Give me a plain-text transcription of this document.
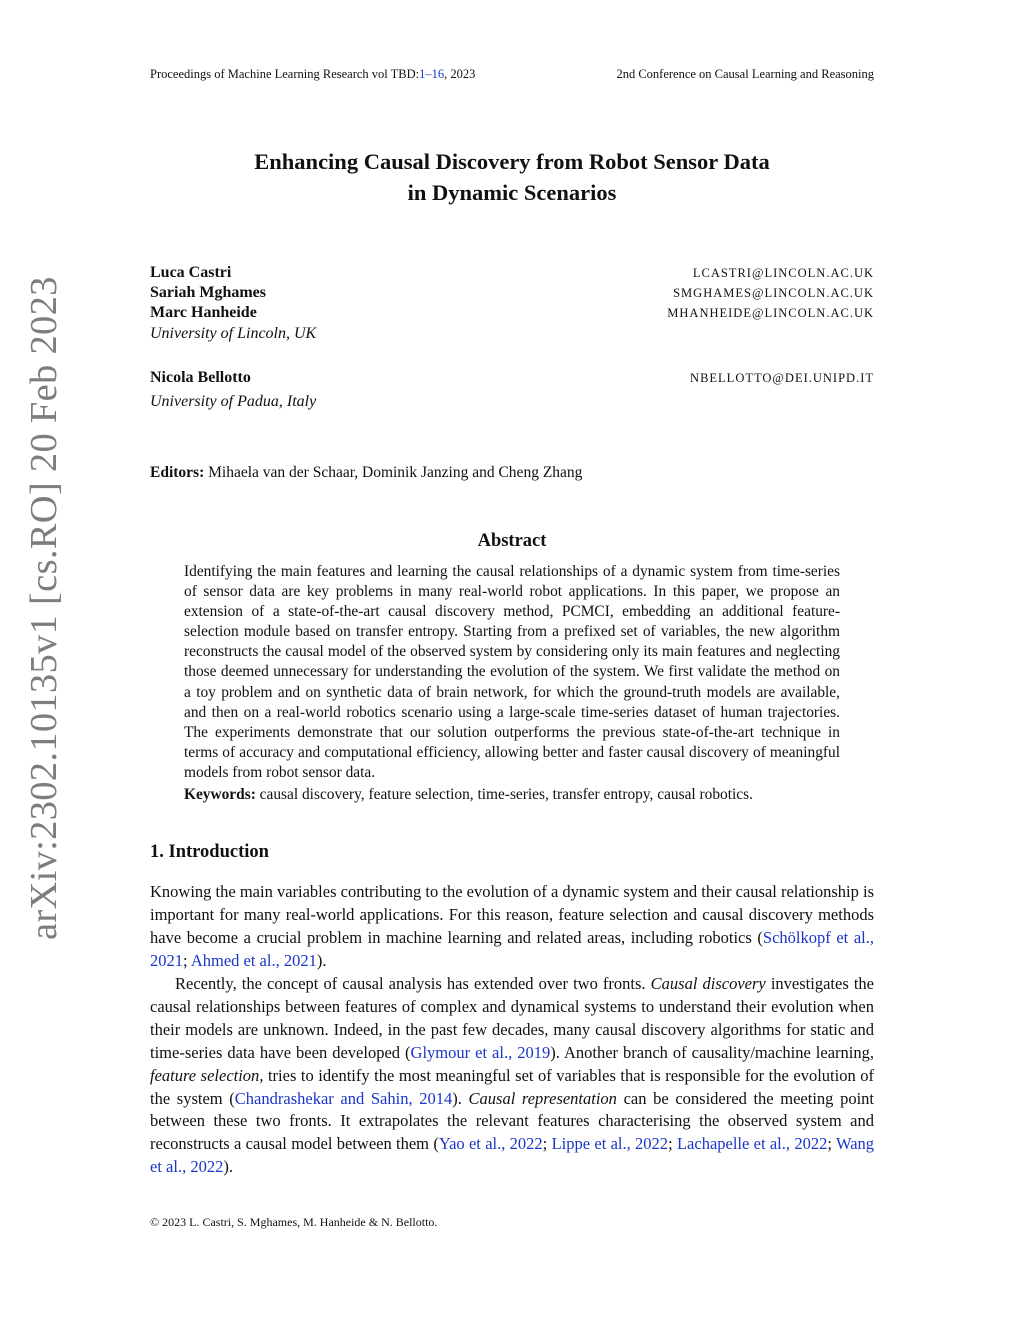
Proceedings of Machine Learning Research vol TBD:1–16, 2023	2nd Conference on Causal Learning and Reasoning
arXiv:2302.10135v1 [cs.RO] 20 Feb 2023
Enhancing Causal Discovery from Robot Sensor Data
in Dynamic Scenarios
Luca Castri	LCASTRI@LINCOLN.AC.UK
Sariah Mghames	SMGHAMES@LINCOLN.AC.UK
Marc Hanheide	MHANHEIDE@LINCOLN.AC.UK
University of Lincoln, UK
Nicola Bellotto	NBELLOTTO@DEI.UNIPD.IT
University of Padua, Italy
Editors: Mihaela van der Schaar, Dominik Janzing and Cheng Zhang
Abstract

Identifying the main features and learning the causal relationships of a dynamic system from time-series of sensor data are key problems in many real-world robot applications. In this paper, we propose an extension of a state-of-the-art causal discovery method, PCMCI, embedding an additional feature-selection module based on transfer entropy. Starting from a prefixed set of variables, the new algorithm reconstructs the causal model of the observed system by considering only its main features and neglecting those deemed unnecessary for understanding the evolution of the system. We first validate the method on a toy problem and on synthetic data of brain network, for which the ground-truth models are available, and then on a real-world robotics scenario using a large-scale time-series dataset of human trajectories. The experiments demonstrate that our solution outperforms the previous state-of-the-art technique in terms of accuracy and computational efficiency, allowing better and faster causal discovery of meaningful models from robot sensor data.

Keywords: causal discovery, feature selection, time-series, transfer entropy, causal robotics.

1. Introduction

Knowing the main variables contributing to the evolution of a dynamic system and their causal relationship is important for many real-world applications. For this reason, feature selection and causal discovery methods have become a crucial problem in machine learning and related areas, including robotics (Schölkopf et al., 2021; Ahmed et al., 2021).

Recently, the concept of causal analysis has extended over two fronts. Causal discovery investigates the causal relationships between features of complex and dynamical systems to understand their evolution when their models are unknown. Indeed, in the past few decades, many causal discovery algorithms for static and time-series data have been developed (Glymour et al., 2019). Another branch of causality/machine learning, feature selection, tries to identify the most meaningful set of variables that is responsible for the evolution of the system (Chandrashekar and Sahin, 2014). Causal representation can be considered the meeting point between these two fronts. It extrapolates the relevant features characterising the observed system and reconstructs a causal model between them (Yao et al., 2022; Lippe et al., 2022; Lachapelle et al., 2022; Wang et al., 2022).

© 2023 L. Castri, S. Mghames, M. Hanheide & N. Bellotto.
